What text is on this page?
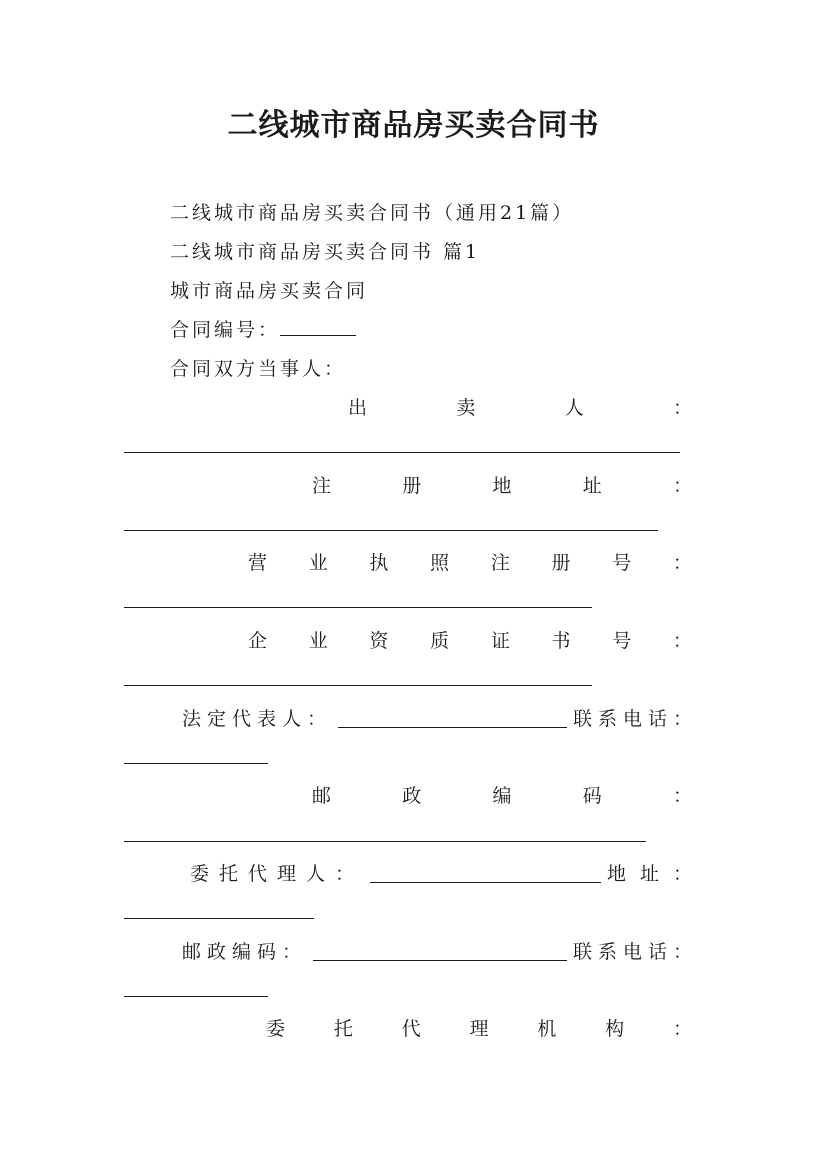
二线城市商品房买卖合同书
二线城市商品房买卖合同书（通用21篇）
二线城市商品房买卖合同书 篇1
城市商品房买卖合同
合同编号：
合同双方当事人：
出	卖	人	：
注	册	地	址	：
营 业 执 照 注 册 号 ：
企 业 资 质 证 书 号 ：
法定代表人：	联系电话 ：
邮	政	编	码	：
委托代理人：	地址 ：
邮政编码：	联系电话 ：
委	托	代	理	机	构	：
